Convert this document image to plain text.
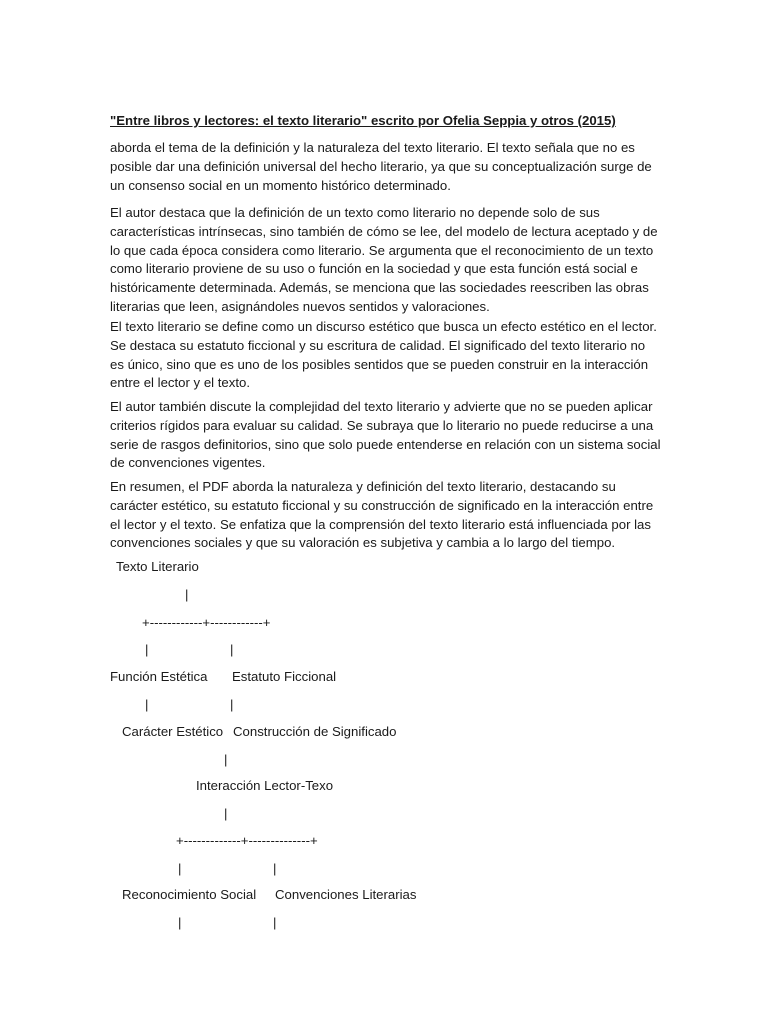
"Entre libros y lectores: el texto literario" escrito por Ofelia Seppia y otros (2015)

aborda el tema de la definición y la naturaleza del texto literario. El texto señala que no es posible dar una definición universal del hecho literario, ya que su conceptualización surge de un consenso social en un momento histórico determinado.

El autor destaca que la definición de un texto como literario no depende solo de sus características intrínsecas, sino también de cómo se lee, del modelo de lectura aceptado y de lo que cada época considera como literario. Se argumenta que el reconocimiento de un texto como literario proviene de su uso o función en la sociedad y que esta función está social e históricamente determinada. Además, se menciona que las sociedades reescriben las obras literarias que leen, asignándoles nuevos sentidos y valoraciones.

El texto literario se define como un discurso estético que busca un efecto estético en el lector. Se destaca su estatuto ficcional y su escritura de calidad. El significado del texto literario no es único, sino que es uno de los posibles sentidos que se pueden construir en la interacción entre el lector y el texto.

El autor también discute la complejidad del texto literario y advierte que no se pueden aplicar criterios rígidos para evaluar su calidad. Se subraya que lo literario no puede reducirse a una serie de rasgos definitorios, sino que solo puede entenderse en relación con un sistema social de convenciones vigentes.

En resumen, el PDF aborda la naturaleza y definición del texto literario, destacando su carácter estético, su estatuto ficcional y su construcción de significado en la interacción entre el lector y el texto. Se enfatiza que la comprensión del texto literario está influenciada por las convenciones sociales y que su valoración es subjetiva y cambia a lo largo del tiempo.

Texto Literario
|
+------------+------------+
|	|
Función Estética Estatuto Ficcional
|	|
Carácter Estético Construcción de Significado
|
Interacción Lector-Texo
|
+-------------+--------------+
|	|
Reconocimiento Social Convenciones Literarias
|	|
